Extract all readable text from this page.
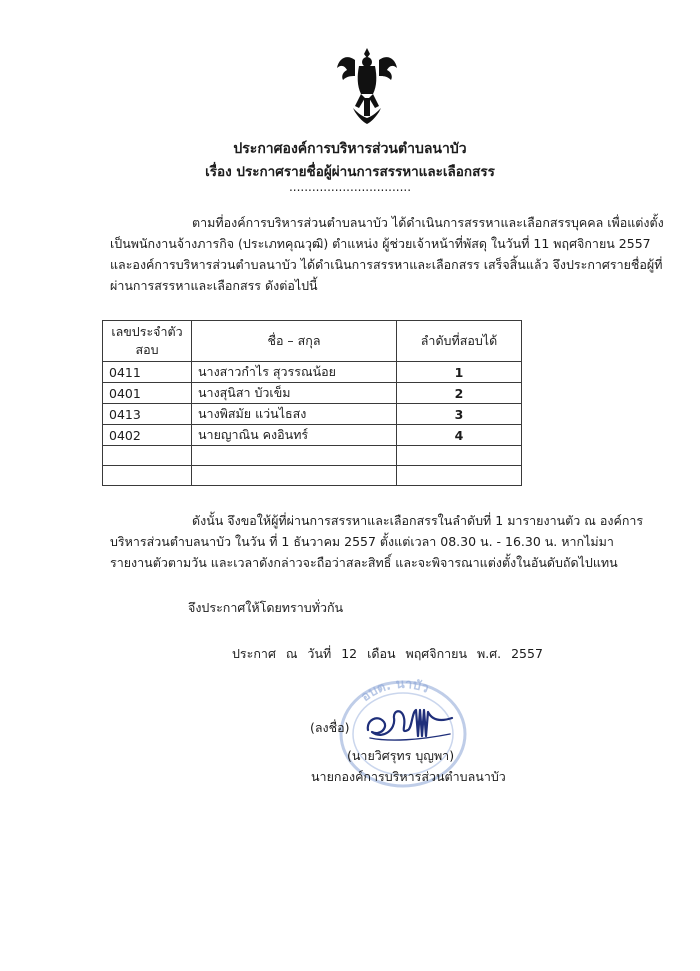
ประกาศองค์การบริหารส่วนตำบลนาบัว
เรื่อง ประกาศรายชื่อผู้ผ่านการสรรหาและเลือกสรร
................................
ตามที่องค์การบริหารส่วนตำบลนาบัว ได้ดำเนินการสรรหาและเลือกสรรบุคคล เพื่อแต่งตั้ง
เป็นพนักงานจ้างภารกิจ (ประเภทคุณวุฒิ) ตำแหน่ง ผู้ช่วยเจ้าหน้าที่พัสดุ ในวันที่ 11 พฤศจิกายน 2557
และองค์การบริหารส่วนตำบลนาบัว ได้ดำเนินการสรรหาและเลือกสรร เสร็จสิ้นแล้ว จึงประกาศรายชื่อผู้ที่
ผ่านการสรรหาและเลือกสรร ดังต่อไปนี้
เลขประจำตัว สอบ	ชื่อ – สกุล	ลำดับที่สอบได้
0411	นางสาวกำไร สุวรรณน้อย	1
0401	นางสุนิสา บัวเข็ม	2
0413	นางพิสมัย แว่นไธสง	3
0402	นายญาณิน คงอินทร์	4

ดังนั้น จึงขอให้ผู้ที่ผ่านการสรรหาและเลือกสรรในลำดับที่ 1 มารายงานตัว ณ องค์การ
บริหารส่วนตำบลนาบัว ในวัน ที่ 1 ธันวาคม 2557 ตั้งแต่เวลา 08.30 น. - 16.30 น. หากไม่มา
รายงานตัวตามวัน และเวลาดังกล่าวจะถือว่าสละสิทธิ์ และจะพิจารณาแต่งตั้งในอันดับถัดไปแทน
จึงประกาศให้โดยทราบทั่วกัน
ประกาศ ณ วันที่ 12 เดือน พฤศจิกายน พ.ศ. 2557
อบต. นาบัว
(ลงชื่อ)
(นายวิศรุทร บุญพา)
นายกองค์การบริหารส่วนตำบลนาบัว
